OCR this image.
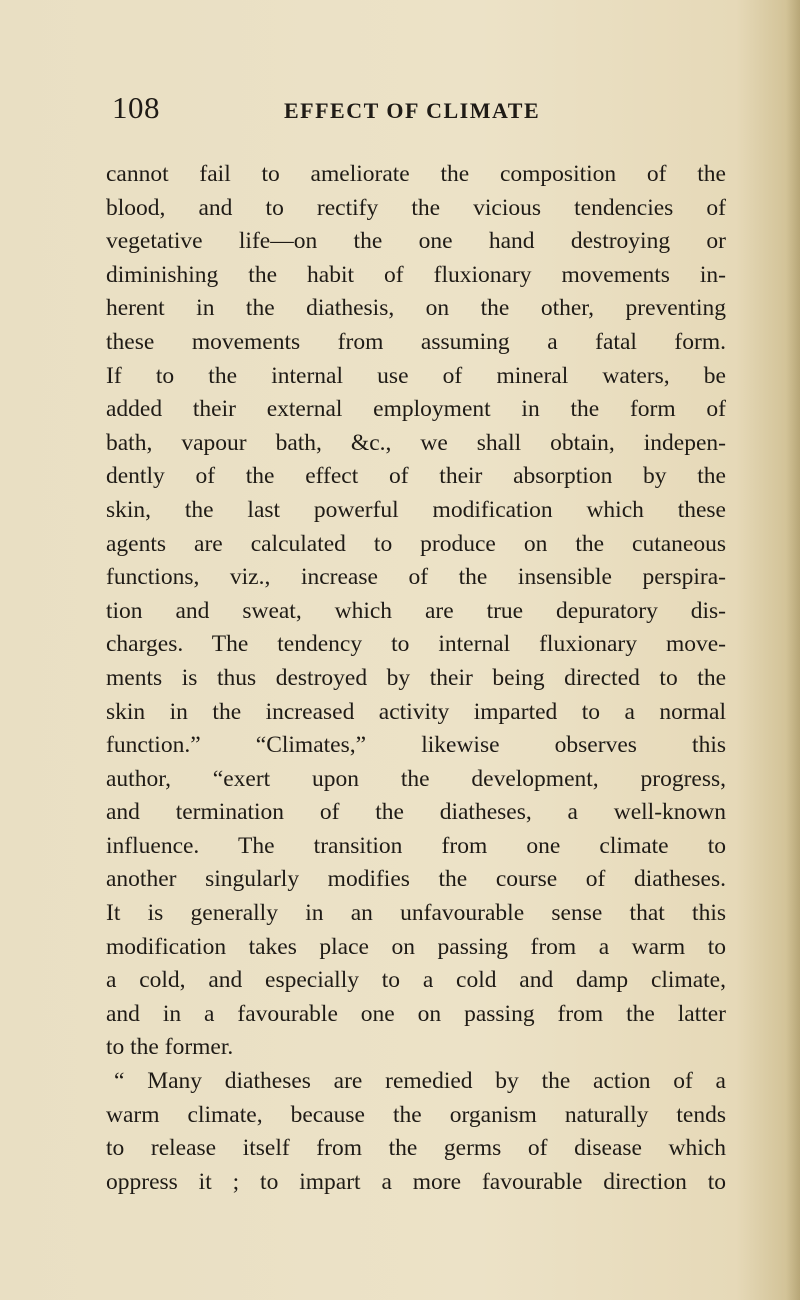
108	EFFECT OF CLIMATE
cannot fail to ameliorate the composition of the
blood, and to rectify the vicious tendencies of
vegetative life—on the one hand destroying or
diminishing the habit of fluxionary movements in-
herent in the diathesis, on the other, preventing
these movements from assuming a fatal form.
If to the internal use of mineral waters, be
added their external employment in the form of
bath, vapour bath, &c., we shall obtain, indepen-
dently of the effect of their absorption by the
skin, the last powerful modification which these
agents are calculated to produce on the cutaneous
functions, viz., increase of the insensible perspira-
tion and sweat, which are true depuratory dis-
charges. The tendency to internal fluxionary move-
ments is thus destroyed by their being directed to the
skin in the increased activity imparted to a normal
function.” “Climates,” likewise observes this
author, “exert upon the development, progress,
and termination of the diatheses, a well-known
influence. The transition from one climate to
another singularly modifies the course of diatheses.
It is generally in an unfavourable sense that this
modification takes place on passing from a warm to
a cold, and especially to a cold and damp climate,
and in a favourable one on passing from the latter
to the former.
“ Many diatheses are remedied by the action of a
warm climate, because the organism naturally tends
to release itself from the germs of disease which
oppress it ; to impart a more favourable direction to
